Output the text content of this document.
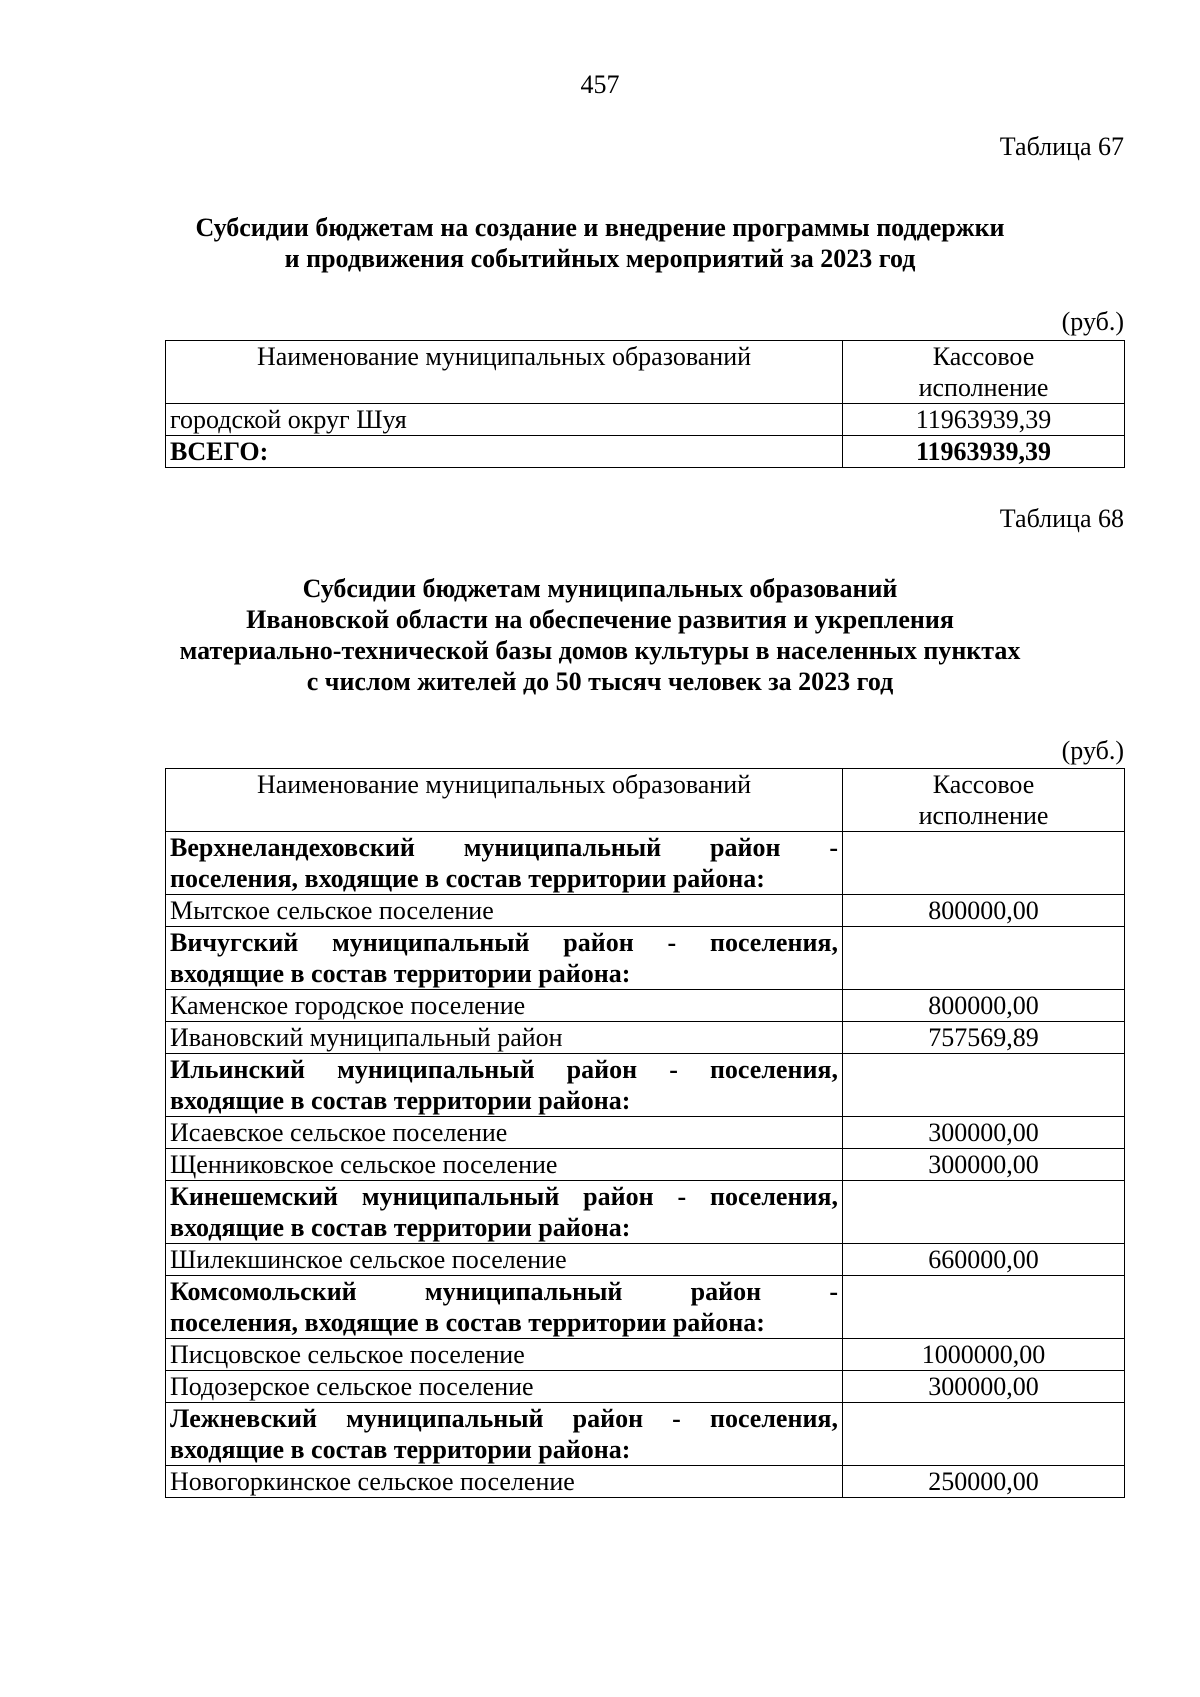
457
Таблица 67
Субсидии бюджетам на создание и внедрение программы поддержки
и продвижения событийных мероприятий за 2023 год
(руб.)
Наименование муниципальных образований	Кассовое
исполнение

городской округ Шуя	11963939,39
ВСЕГО:	11963939,39
Таблица 68
Субсидии бюджетам муниципальных образований
Ивановской области на обеспечение развития и укрепления
материально-технической базы домов культуры в населенных пунктах
с числом жителей до 50 тысяч человек за 2023 год
(руб.)
Наименование муниципальных образований	Кассовое
исполнение

Верхнеландеховский муниципальный район -
поселения, входящие в состав территории района:	

Мытское сельское поселение	800000,00
Вичугский муниципальный район - поселения,
входящие в состав территории района:	

Каменское городское поселение	800000,00
Ивановский муниципальный район	757569,89
Ильинский муниципальный район - поселения,
входящие в состав территории района:	

Исаевское сельское поселение	300000,00
Щенниковское сельское поселение	300000,00
Кинешемский муниципальный район - поселения,
входящие в состав территории района:	

Шилекшинское сельское поселение	660000,00
Комсомольский муниципальный район -
поселения, входящие в состав территории района:	

Писцовское сельское поселение	1000000,00
Подозерское сельское поселение	300000,00
Лежневский муниципальный район - поселения,
входящие в состав территории района:	

Новогоркинское сельское поселение	250000,00
